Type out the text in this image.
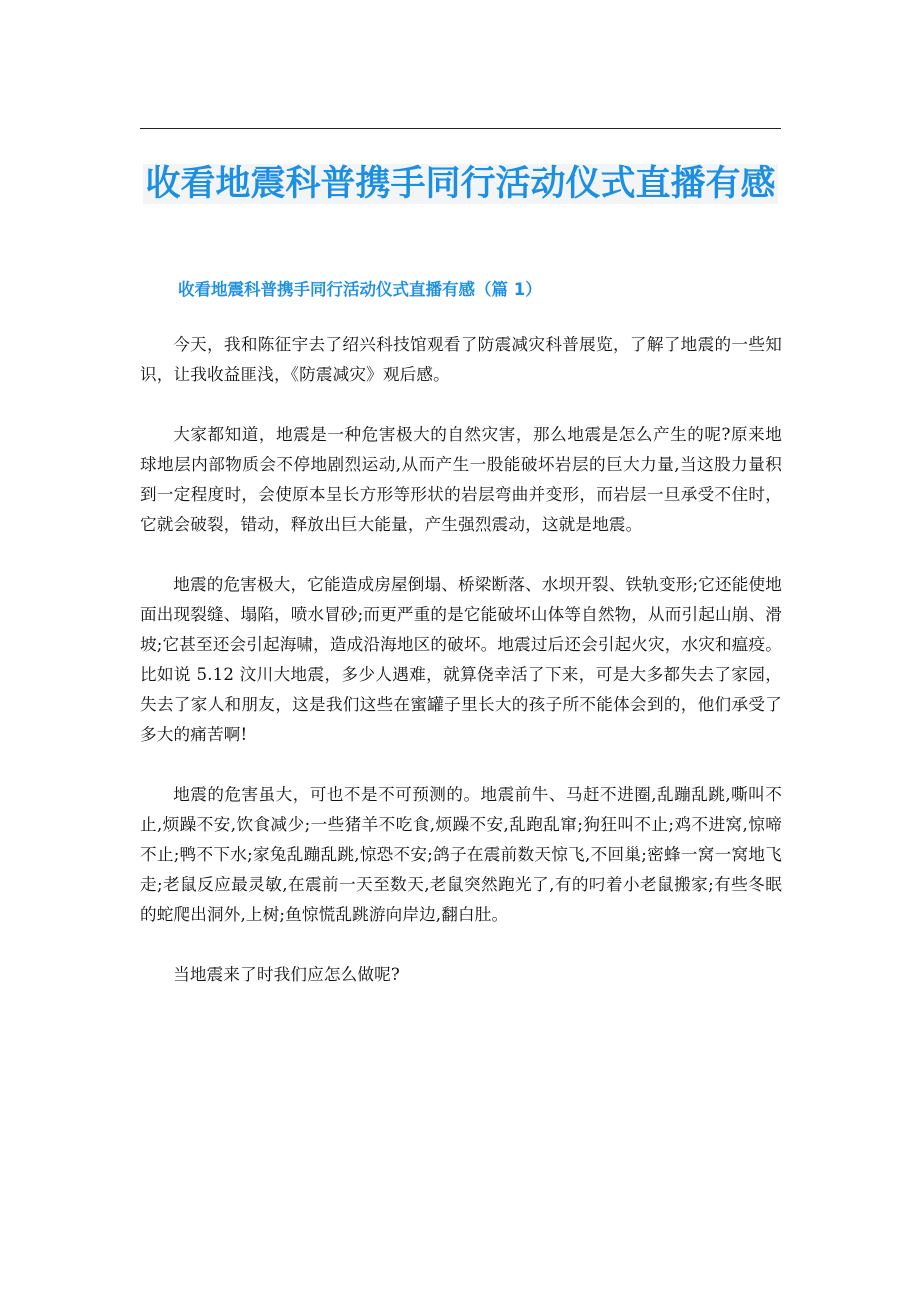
收看地震科普携手同行活动仪式直播有感
收看地震科普携手同行活动仪式直播有感（篇 1）

今天，我和陈征宇去了绍兴科技馆观看了防震减灾科普展览，了解了地震的一些知识，让我收益匪浅，《防震减灾》观后感。

大家都知道，地震是一种危害极大的自然灾害，那么地震是怎么产生的呢?原来地球地层内部物质会不停地剧烈运动,从而产生一股能破坏岩层的巨大力量,当这股力量积到一定程度时，会使原本呈长方形等形状的岩层弯曲并变形，而岩层一旦承受不住时，它就会破裂，错动，释放出巨大能量，产生强烈震动，这就是地震。

地震的危害极大，它能造成房屋倒塌、桥梁断落、水坝开裂、铁轨变形;它还能使地面出现裂缝、塌陷，喷水冒砂;而更严重的是它能破坏山体等自然物，从而引起山崩、滑坡;它甚至还会引起海啸，造成沿海地区的破坏。地震过后还会引起火灾，水灾和瘟疫。比如说 5.12 汶川大地震，多少人遇难，就算侥幸活了下来，可是大多都失去了家园，失去了家人和朋友，这是我们这些在蜜罐子里长大的孩子所不能体会到的，他们承受了多大的痛苦啊!

地震的危害虽大，可也不是不可预测的。地震前牛、马赶不进圈,乱蹦乱跳,嘶叫不止,烦躁不安,饮食减少;一些猪羊不吃食,烦躁不安,乱跑乱窜;狗狂叫不止;鸡不进窝,惊啼不止;鸭不下水;家兔乱蹦乱跳,惊恐不安;鸽子在震前数天惊飞,不回巢;密蜂一窝一窝地飞走;老鼠反应最灵敏,在震前一天至数天,老鼠突然跑光了,有的叼着小老鼠搬家;有些冬眠的蛇爬出洞外,上树;鱼惊慌乱跳游向岸边,翻白肚。

当地震来了时我们应怎么做呢?
